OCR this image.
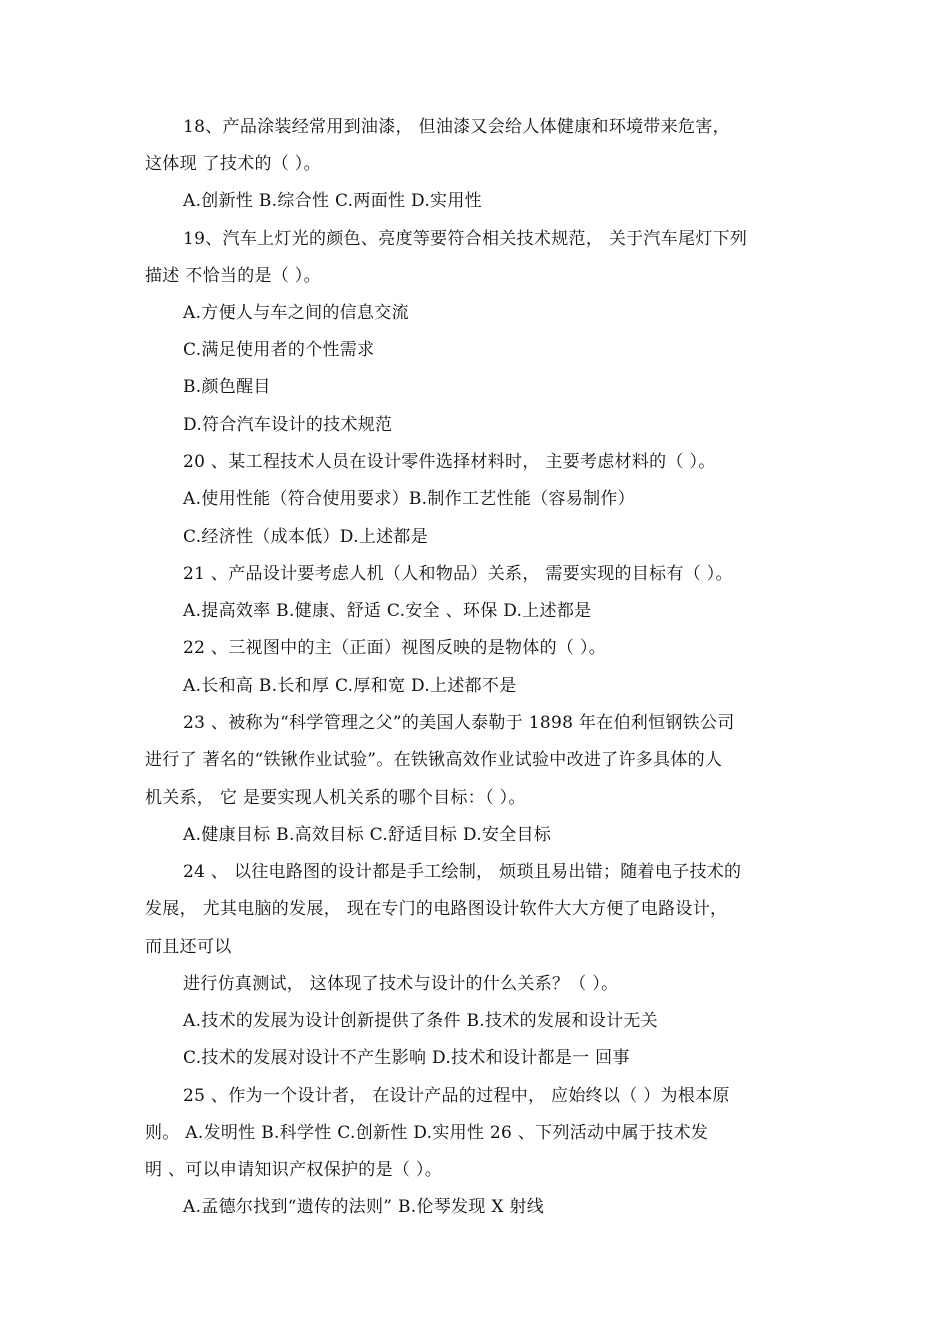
18、产品涂装经常用到油漆， 但油漆又会给人体健康和环境带来危害，
这体现 了技术的（ ）。
A.创新性 B.综合性 C.两面性 D.实用性
19、汽车上灯光的颜色、亮度等要符合相关技术规范， 关于汽车尾灯下列
描述 不恰当的是（ ）。
A.方便人与车之间的信息交流
C.满足使用者的个性需求
B.颜色醒目
D.符合汽车设计的技术规范
20 、某工程技术人员在设计零件选择材料时， 主要考虑材料的（ ）。
A.使用性能（符合使用要求）B.制作工艺性能（容易制作）
C.经济性（成本低）D.上述都是
21 、产品设计要考虑人机（人和物品）关系， 需要实现的目标有（ ）。
A.提高效率 B.健康、舒适 C.安全 、环保 D.上述都是
22 、三视图中的主（正面）视图反映的是物体的（ ）。
A.长和高 B.长和厚 C.厚和宽 D.上述都不是
23 、被称为“科学管理之父”的美国人泰勒于 1898 年在伯利恒钢铁公司
进行了 著名的“铁锹作业试验”。在铁锹高效作业试验中改进了许多具体的人
机关系， 它 是要实现人机关系的哪个目标：（ ）。
A.健康目标 B.高效目标 C.舒适目标 D.安全目标
24 、 以往电路图的设计都是手工绘制， 烦琐且易出错；随着电子技术的
发展， 尤其电脑的发展， 现在专门的电路图设计软件大大方便了电路设计，
而且还可以
进行仿真测试， 这体现了技术与设计的什么关系？（ ）。
A.技术的发展为设计创新提供了条件 B.技术的发展和设计无关
C.技术的发展对设计不产生影响 D.技术和设计都是一 回事
25 、作为一个设计者， 在设计产品的过程中， 应始终以（ ）为根本原
则。 A.发明性 B.科学性 C.创新性 D.实用性 26 、下列活动中属于技术发
明 、可以申请知识产权保护的是（ ）。
A.孟德尔找到“遗传的法则” B.伦琴发现 X 射线
